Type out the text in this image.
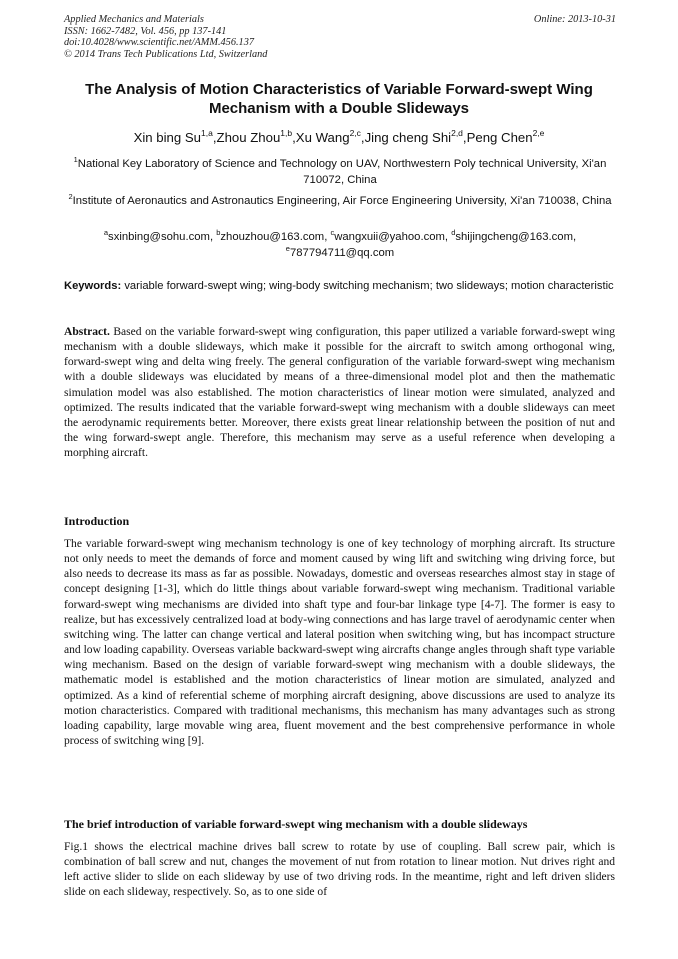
Applied Mechanics and Materials
ISSN: 1662-7482, Vol. 456, pp 137-141
doi:10.4028/www.scientific.net/AMM.456.137
© 2014 Trans Tech Publications Ltd, Switzerland
Online: 2013-10-31
The Analysis of Motion Characteristics of Variable Forward-swept Wing Mechanism with a Double Slideways
Xin bing Su$^{1,a}$,Zhou Zhou$^{1,b}$,Xu Wang$^{2,c}$,Jing cheng Shi$^{2,d}$,Peng Chen$^{2,e}$
$^1$National Key Laboratory of Science and Technology on UAV, Northwestern Poly technical University, Xi'an 710072, China
$^2$Institute of Aeronautics and Astronautics Engineering, Air Force Engineering University, Xi'an 710038, China
$^a$sxinbing@sohu.com, $^b$zhouzhou@163.com, $^c$wangxuii@yahoo.com, $^d$shijingcheng@163.com, $^e$787794711@qq.com
Keywords: variable forward-swept wing; wing-body switching mechanism; two slideways; motion characteristic
Abstract. Based on the variable forward-swept wing configuration, this paper utilized a variable forward-swept wing mechanism with a double slideways, which make it possible for the aircraft to switch among orthogonal wing, forward-swept wing and delta wing freely. The general configuration of the variable forward-swept wing mechanism with a double slideways was elucidated by means of a three-dimensional model plot and then the mathematic simulation model was also established. The motion characteristics of linear motion were simulated, analyzed and optimized. The results indicated that the variable forward-swept wing mechanism with a double slideways can meet the aerodynamic requirements better. Moreover, there exists great linear relationship between the position of nut and the wing forward-swept angle. Therefore, this mechanism may serve as a useful reference when developing a morphing aircraft.
Introduction
The variable forward-swept wing mechanism technology is one of key technology of morphing aircraft. Its structure not only needs to meet the demands of force and moment caused by wing lift and switching wing driving force, but also needs to decrease its mass as far as possible. Nowadays, domestic and overseas researches almost stay in stage of concept designing [1-3], which do little things about variable forward-swept wing mechanism. Traditional variable forward-swept wing mechanisms are divided into shaft type and four-bar linkage type [4-7]. The former is easy to realize, but has excessively centralized load at body-wing connections and has large travel of aerodynamic center when switching wing. The latter can change vertical and lateral position when switching wing, but has incompact structure and low loading capability. Overseas variable backward-swept wing aircrafts change angles through shaft type variable wing mechanism. Based on the design of variable forward-swept wing mechanism with a double slideways, the mathematic model is established and the motion characteristics of linear motion are simulated, analyzed and optimized. As a kind of referential scheme of morphing aircraft designing, above discussions are used to analyze its motion characteristics. Compared with traditional mechanisms, this mechanism has many advantages such as strong loading capability, large movable wing area, fluent movement and the best comprehensive performance in whole process of switching wing [9].
The brief introduction of variable forward-swept wing mechanism with a double slideways
Fig.1 shows the electrical machine drives ball screw to rotate by use of coupling. Ball screw pair, which is combination of ball screw and nut, changes the movement of nut from rotation to linear motion. Nut drives right and left active slider to slide on each slideway by use of two driving rods. In the meantime, right and left driven sliders slide on each slideway, respectively. So, as to one side of
